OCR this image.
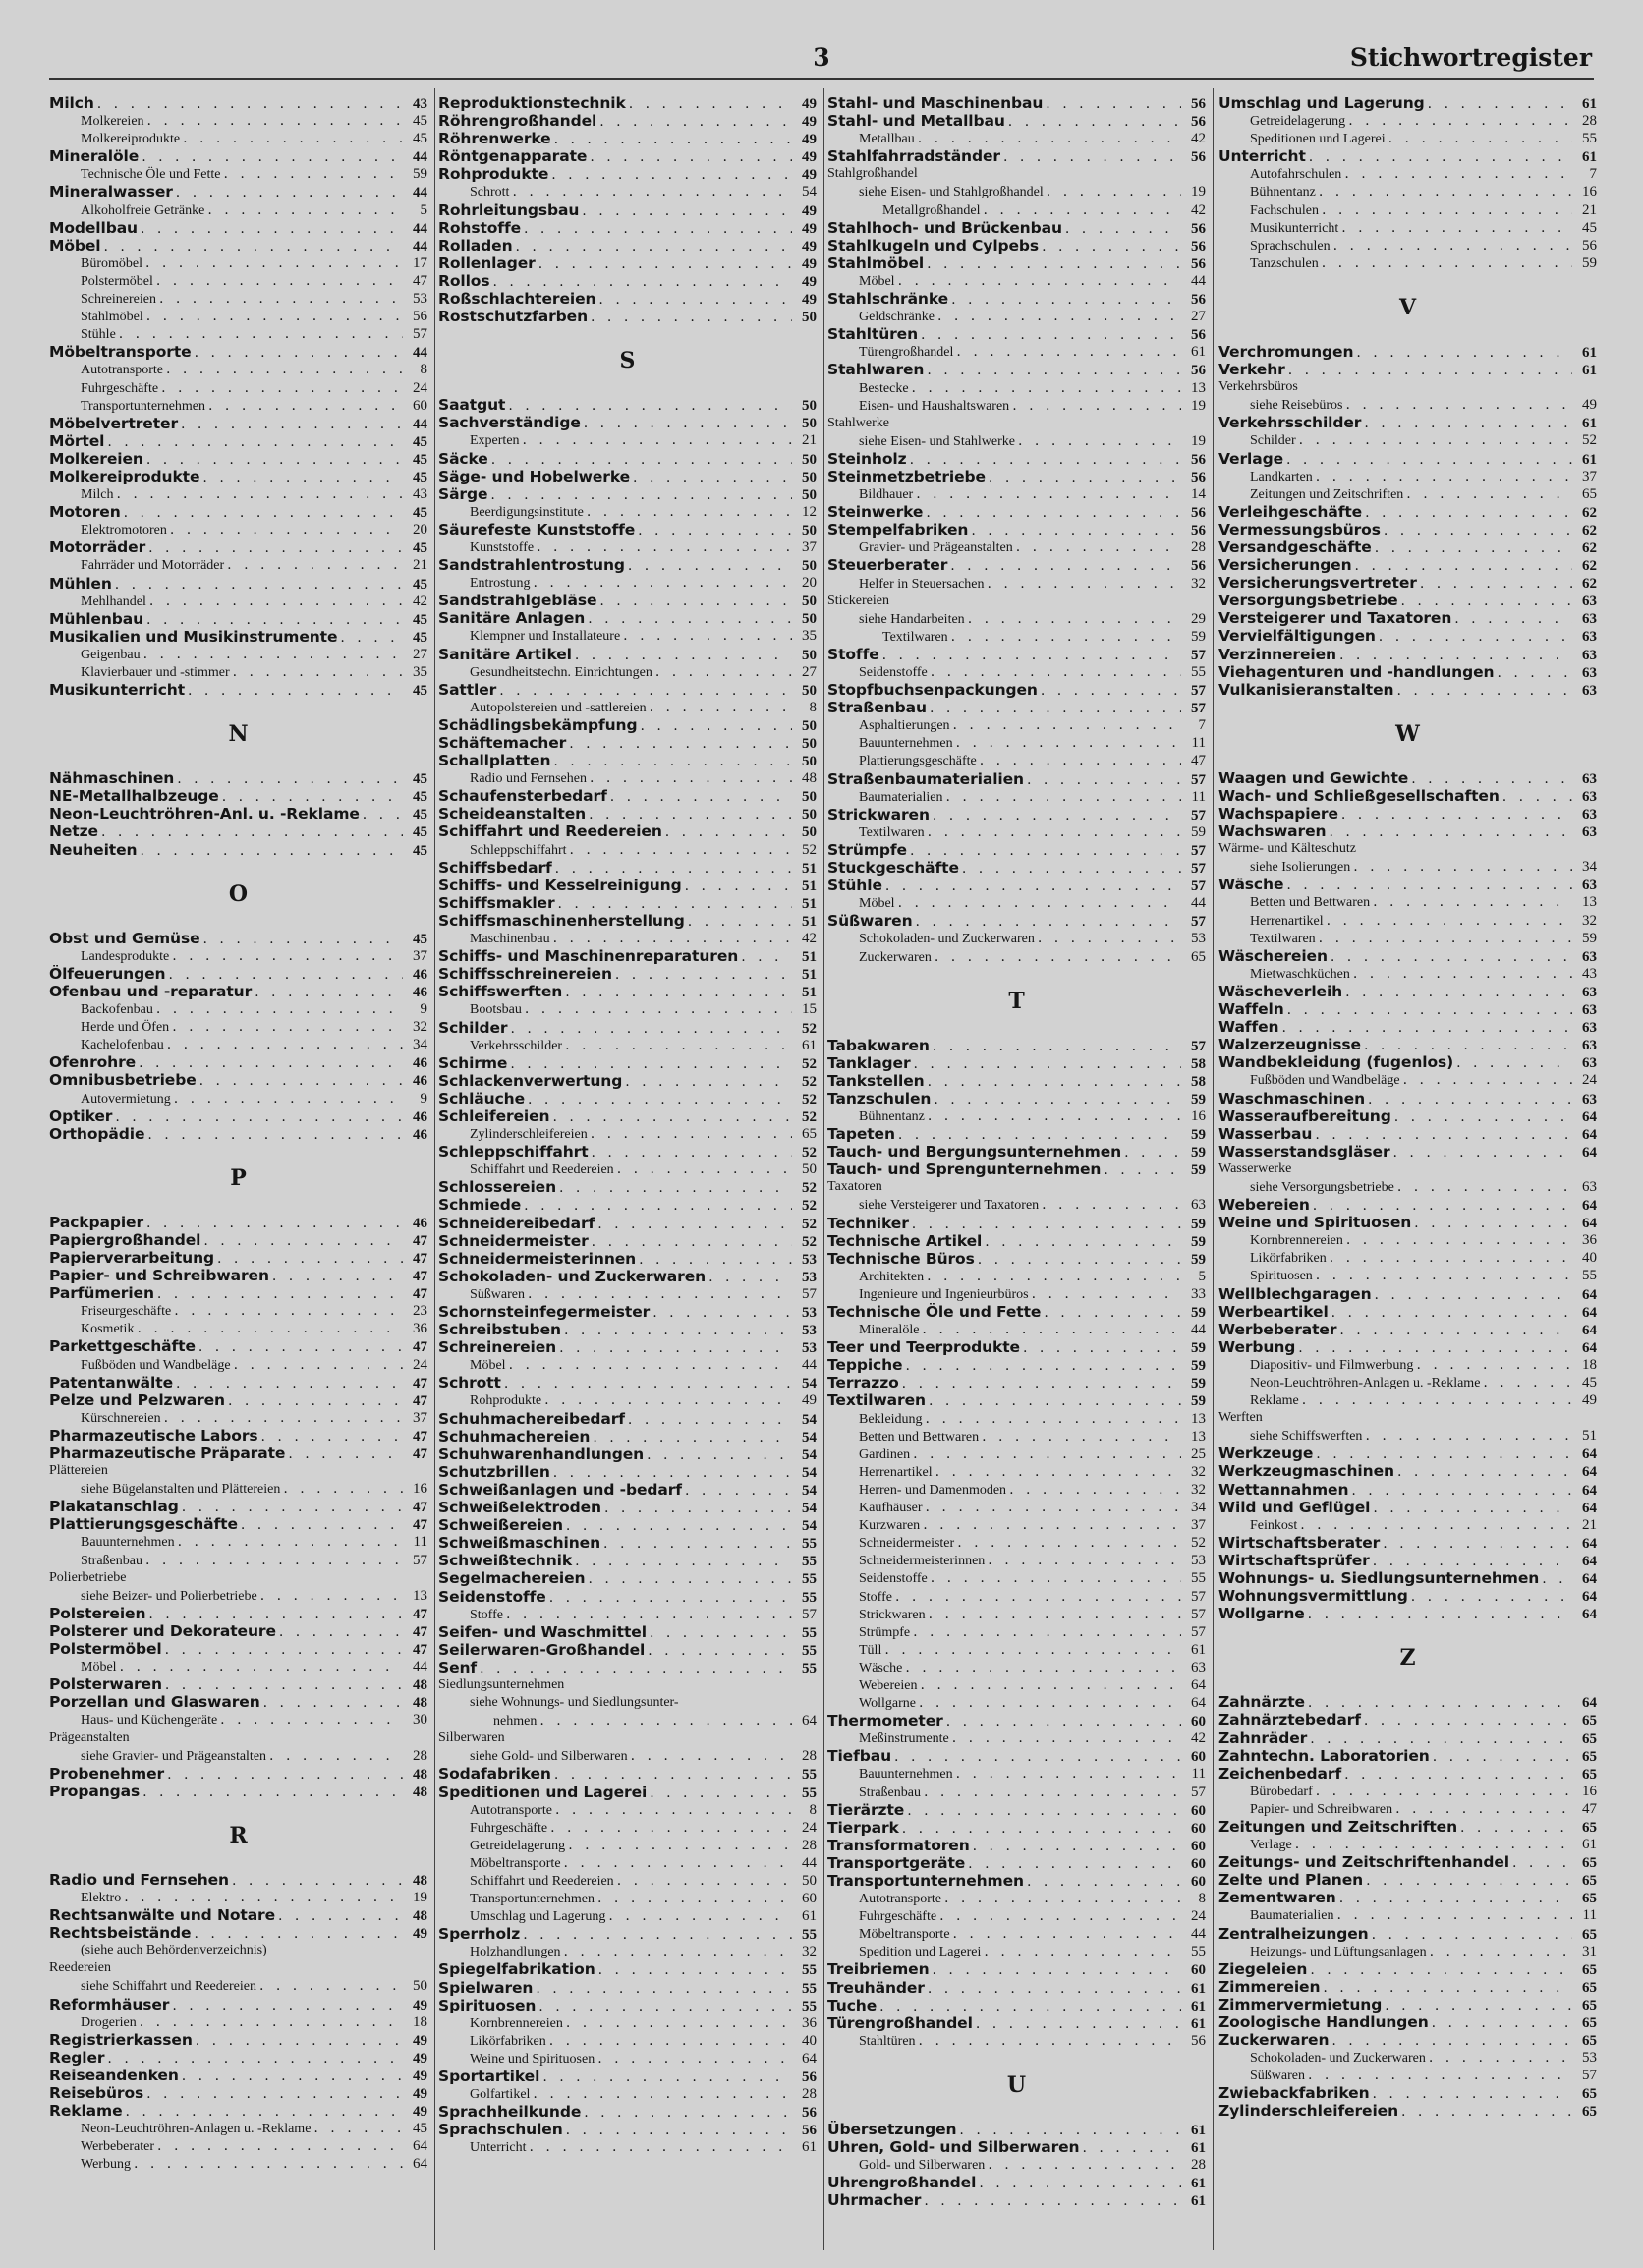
3	Stichwortregister
Milch . . .	43
Molkereien . . .	45
Molkereiprodukte . . .	45
Mineralöle . . .	44
Technische Öle und Fette . . .	59
Mineralwasser . . .	44
Alkoholfreie Getränke . . .	5
Modellbau . . .	44
Möbel . . .	44
Büromöbel . . .	17
Polstermöbel . . .	47
Schreinereien . . .	53
Stahlmöbel . . .	56
Stühle . . .	57
Möbeltransporte . . .	44
Autotransporte . . .	8
Fuhrgeschäfte . . .	24
Transportunternehmen . . .	60
Möbelvertreter . . .	44
Mörtel . . .	45
Molkereien . . .	45
Molkereiprodukte . . .	45
Milch . . .	43
Motoren . . .	45
Elektromotoren . . .	20
Motorräder . . .	45
Fahrräder und Motorräder . . .	21
Mühlen . . .	45
Mehlhandel . . .	42
Mühlenbau . . .	45
Musikalien und Musikinstrumente . . .	45
Geigenbau . . .	27
Klavierbauer und -stimmer . . .	35
Musikunterricht . . .	45
N
Nähmaschinen . . .	45
NE-Metallhalbzeuge . . .	45
Neon-Leuchtröhren-Anl. u. -Reklame . . .	45
Netze . . .	45
Neuheiten . . .	45
O
Obst und Gemüse . . .	45
Landesprodukte . . .	37
Ölfeuerungen . . .	46
Ofenbau und -reparatur . . .	46
Backofenbau . . .	9
Herde und Öfen . . .	32
Kachelofenbau . . .	34
Ofenrohre . . .	46
Omnibusbetriebe . . .	46
Autovermietung . . .	9
Optiker . . .	46
Orthopädie . . .	46
P
Packpapier . . .	46
Papiergroßhandel . . .	47
Papierverarbeitung . . .	47
Papier- und Schreibwaren . . .	47
Parfümerien . . .	47
Friseurgeschäfte . . .	23
Kosmetik . . .	36
Parkettgeschäfte . . .	47
Fußböden und Wandbeläge . . .	24
Patentanwälte . . .	47
Pelze und Pelzwaren . . .	47
Kürschnereien . . .	37
Pharmazeutische Labors . . .	47
Pharmazeutische Präparate . . .	47
Plättereien
siehe Bügelanstalten und Plättereien . . .	16
Plakatanschlag . . .	47
Plattierungsgeschäfte . . .	47
Bauunternehmen . . .	11
Straßenbau . . .	57
Polierbetriebe
siehe Beizer- und Polierbetriebe . . .	13
Polstereien . . .	47
Polsterer und Dekorateure . . .	47
Polstermöbel . . .	47
Möbel . . .	44
Polsterwaren . . .	48
Porzellan und Glaswaren . . .	48
Haus- und Küchengeräte . . .	30
Prägeanstalten
siehe Gravier- und Prägeanstalten . . .	28
Probenehmer . . .	48
Propangas . . .	48
R
Radio und Fernsehen . . .	48
Elektro . . .	19
Rechtsanwälte und Notare . . .	48
Rechtsbeistände . . .	49
(siehe auch Behördenverzeichnis)
Reedereien
siehe Schiffahrt und Reedereien . . .	50
Reformhäuser . . .	49
Drogerien . . .	18
Registrierkassen . . .	49
Regler . . .	49
Reiseandenken . . .	49
Reisebüros . . .	49
Reklame . . .	49
Neon-Leuchtröhren-Anlagen u. -Reklame . . .	45
Werbeberater . . .	64
Werbung . . .	64
Reproduktionstechnik . . .	49
Röhrengroßhandel . . .	49
Röhrenwerke . . .	49
Röntgenapparate . . .	49
Rohprodukte . . .	49
Schrott . . .	54
Rohrleitungsbau . . .	49
Rohstoffe . . .	49
Rolladen . . .	49
Rollenlager . . .	49
Rollos . . .	49
Roßschlachtereien . . .	49
Rostschutzfarben . . .	50
S
Saatgut . . .	50
Sachverständige . . .	50
Experten . . .	21
Säcke . . .	50
Säge- und Hobelwerke . . .	50
Särge . . .	50
Beerdigungsinstitute . . .	12
Säurefeste Kunststoffe . . .	50
Kunststoffe . . .	37
Sandstrahlentrostung . . .	50
Entrostung . . .	20
Sandstrahlgebläse . . .	50
Sanitäre Anlagen . . .	50
Klempner und Installateure . . .	35
Sanitäre Artikel . . .	50
Gesundheitstechn. Einrichtungen . . .	27
Sattler . . .	50
Autopolstereien und -sattlereien . . .	8
Schädlingsbekämpfung . . .	50
Schäftemacher . . .	50
Schallplatten . . .	50
Radio und Fernsehen . . .	48
Schaufensterbedarf . . .	50
Scheideanstalten . . .	50
Schiffahrt und Reedereien . . .	50
Schleppschiffahrt . . .	52
Schiffsbedarf . . .	51
Schiffs- und Kesselreinigung . . .	51
Schiffsmakler . . .	51
Schiffsmaschinenherstellung . . .	51
Maschinenbau . . .	42
Schiffs- und Maschinenreparaturen . . .	51
Schiffsschreinereien . . .	51
Schiffswerften . . .	51
Bootsbau . . .	15
Schilder . . .	52
Verkehrsschilder . . .	61
Schirme . . .	52
Schlackenverwertung . . .	52
Schläuche . . .	52
Schleifereien . . .	52
Zylinderschleifereien . . .	65
Schleppschiffahrt . . .	52
Schiffahrt und Reedereien . . .	50
Schlossereien . . .	52
Schmiede . . .	52
Schneidereibedarf . . .	52
Schneidermeister . . .	52
Schneidermeisterinnen . . .	53
Schokoladen- und Zuckerwaren . . .	53
Süßwaren . . .	57
Schornsteinfegermeister . . .	53
Schreibstuben . . .	53
Schreinereien . . .	53
Möbel . . .	44
Schrott . . .	54
Rohprodukte . . .	49
Schuhmachereibedarf . . .	54
Schuhmachereien . . .	54
Schuhwarenhandlungen . . .	54
Schutzbrillen . . .	54
Schweißanlagen und -bedarf . . .	54
Schweißelektroden . . .	54
Schweißereien . . .	54
Schweißmaschinen . . .	55
Schweißtechnik . . .	55
Segelmachereien . . .	55
Seidenstoffe . . .	55
Stoffe . . .	57
Seifen- und Waschmittel . . .	55
Seilerwaren-Großhandel . . .	55
Senf . . .	55
Siedlungsunternehmen
siehe Wohnungs- und Siedlungsunter-
nehmen . . .	64
Silberwaren
siehe Gold- und Silberwaren . . .	28
Sodafabriken . . .	55
Speditionen und Lagerei . . .	55
Autotransporte . . .	8
Fuhrgeschäfte . . .	24
Getreidelagerung . . .	28
Möbeltransporte . . .	44
Schiffahrt und Reedereien . . .	50
Transportunternehmen . . .	60
Umschlag und Lagerung . . .	61
Sperrholz . . .	55
Holzhandlungen . . .	32
Spiegelfabrikation . . .	55
Spielwaren . . .	55
Spirituosen . . .	55
Kornbrennereien . . .	36
Likörfabriken . . .	40
Weine und Spirituosen . . .	64
Sportartikel . . .	56
Golfartikel . . .	28
Sprachheilkunde . . .	56
Sprachschulen . . .	56
Unterricht . . .	61
Stahl- und Maschinenbau . . .	56
Stahl- und Metallbau . . .	56
Metallbau . . .	42
Stahlfahrradständer . . .	56
Stahlgroßhandel
siehe Eisen- und Stahlgroßhandel . . .	19
Metallgroßhandel . . .	42
Stahlhoch- und Brückenbau . . .	56
Stahlkugeln und Cylpebs . . .	56
Stahlmöbel . . .	56
Möbel . . .	44
Stahlschränke . . .	56
Geldschränke . . .	27
Stahltüren . . .	56
Türengroßhandel . . .	61
Stahlwaren . . .	56
Bestecke . . .	13
Eisen- und Haushaltswaren . . .	19
Stahlwerke
siehe Eisen- und Stahlwerke . . .	19
Steinholz . . .	56
Steinmetzbetriebe . . .	56
Bildhauer . . .	14
Steinwerke . . .	56
Stempelfabriken . . .	56
Gravier- und Prägeanstalten . . .	28
Steuerberater . . .	56
Helfer in Steuersachen . . .	32
Stickereien
siehe Handarbeiten . . .	29
Textilwaren . . .	59
Stoffe . . .	57
Seidenstoffe . . .	55
Stopfbuchsenpackungen . . .	57
Straßenbau . . .	57
Asphaltierungen . . .	7
Bauunternehmen . . .	11
Plattierungsgeschäfte . . .	47
Straßenbaumaterialien . . .	57
Baumaterialien . . .	11
Strickwaren . . .	57
Textilwaren . . .	59
Strümpfe . . .	57
Stuckgeschäfte . . .	57
Stühle . . .	57
Möbel . . .	44
Süßwaren . . .	57
Schokoladen- und Zuckerwaren . . .	53
Zuckerwaren . . .	65
T
Tabakwaren . . .	57
Tanklager . . .	58
Tankstellen . . .	58
Tanzschulen . . .	59
Bühnentanz . . .	16
Tapeten . . .	59
Tauch- und Bergungsunternehmen . . .	59
Tauch- und Sprengunternehmen . . .	59
Taxatoren
siehe Versteigerer und Taxatoren . . .	63
Techniker . . .	59
Technische Artikel . . .	59
Technische Büros . . .	59
Architekten . . .	5
Ingenieure und Ingenieurbüros . . .	33
Technische Öle und Fette . . .	59
Mineralöle . . .	44
Teer und Teerprodukte . . .	59
Teppiche . . .	59
Terrazzo . . .	59
Textilwaren . . .	59
Bekleidung . . .	13
Betten und Bettwaren . . .	13
Gardinen . . .	25
Herrenartikel . . .	32
Herren- und Damenmoden . . .	32
Kaufhäuser . . .	34
Kurzwaren . . .	37
Schneidermeister . . .	52
Schneidermeisterinnen . . .	53
Seidenstoffe . . .	55
Stoffe . . .	57
Strickwaren . . .	57
Strümpfe . . .	57
Tüll . . .	61
Wäsche . . .	63
Webereien . . .	64
Wollgarne . . .	64
Thermometer . . .	60
Meßinstrumente . . .	42
Tiefbau . . .	60
Bauunternehmen . . .	11
Straßenbau . . .	57
Tierärzte . . .	60
Tierpark . . .	60
Transformatoren . . .	60
Transportgeräte . . .	60
Transportunternehmen . . .	60
Autotransporte . . .	8
Fuhrgeschäfte . . .	24
Möbeltransporte . . .	44
Spedition und Lagerei . . .	55
Treibriemen . . .	60
Treuhänder . . .	61
Tuche . . .	61
Türengroßhandel . . .	61
Stahltüren . . .	56
U
Übersetzungen . . .	61
Uhren, Gold- und Silberwaren . . .	61
Gold- und Silberwaren . . .	28
Uhrengroßhandel . . .	61
Uhrmacher . . .	61
Umschlag und Lagerung . . .	61
Getreidelagerung . . .	28
Speditionen und Lagerei . . .	55
Unterricht . . .	61
Autofahrschulen . . .	7
Bühnentanz . . .	16
Fachschulen . . .	21
Musikunterricht . . .	45
Sprachschulen . . .	56
Tanzschulen . . .	59
V
Verchromungen . . .	61
Verkehr . . .	61
Verkehrsbüros
siehe Reisebüros . . .	49
Verkehrsschilder . . .	61
Schilder . . .	52
Verlage . . .	61
Landkarten . . .	37
Zeitungen und Zeitschriften . . .	65
Verleihgeschäfte . . .	62
Vermessungsbüros . . .	62
Versandgeschäfte . . .	62
Versicherungen . . .	62
Versicherungsvertreter . . .	62
Versorgungsbetriebe . . .	63
Versteigerer und Taxatoren . . .	63
Vervielfältigungen . . .	63
Verzinnereien . . .	63
Viehagenturen und -handlungen . . .	63
Vulkanisieranstalten . . .	63
W
Waagen und Gewichte . . .	63
Wach- und Schließgesellschaften . . .	63
Wachspapiere . . .	63
Wachswaren . . .	63
Wärme- und Kälteschutz
siehe Isolierungen . . .	34
Wäsche . . .	63
Betten und Bettwaren . . .	13
Herrenartikel . . .	32
Textilwaren . . .	59
Wäschereien . . .	63
Mietwaschküchen . . .	43
Wäscheverleih . . .	63
Waffeln . . .	63
Waffen . . .	63
Walzerzeugnisse . . .	63
Wandbekleidung (fugenlos) . . .	63
Fußböden und Wandbeläge . . .	24
Waschmaschinen . . .	63
Wasseraufbereitung . . .	64
Wasserbau . . .	64
Wasserstandsgläser . . .	64
Wasserwerke
siehe Versorgungsbetriebe . . .	63
Webereien . . .	64
Weine und Spirituosen . . .	64
Kornbrennereien . . .	36
Likörfabriken . . .	40
Spirituosen . . .	55
Wellblechgaragen . . .	64
Werbeartikel . . .	64
Werbeberater . . .	64
Werbung . . .	64
Diapositiv- und Filmwerbung . . .	18
Neon-Leuchtröhren-Anlagen u. -Reklame . . .	45
Reklame . . .	49
Werften
siehe Schiffswerften . . .	51
Werkzeuge . . .	64
Werkzeugmaschinen . . .	64
Wettannahmen . . .	64
Wild und Geflügel . . .	64
Feinkost . . .	21
Wirtschaftsberater . . .	64
Wirtschaftsprüfer . . .	64
Wohnungs- u. Siedlungsunternehmen . . .	64
Wohnungsvermittlung . . .	64
Wollgarne . . .	64
Z
Zahnärzte . . .	64
Zahnärztebedarf . . .	65
Zahnräder . . .	65
Zahntechn. Laboratorien . . .	65
Zeichenbedarf . . .	65
Bürobedarf . . .	16
Papier- und Schreibwaren . . .	47
Zeitungen und Zeitschriften . . .	65
Verlage . . .	61
Zeitungs- und Zeitschriftenhandel . . .	65
Zelte und Planen . . .	65
Zementwaren . . .	65
Baumaterialien . . .	11
Zentralheizungen . . .	65
Heizungs- und Lüftungsanlagen . . .	31
Ziegeleien . . .	65
Zimmereien . . .	65
Zimmervermietung . . .	65
Zoologische Handlungen . . .	65
Zuckerwaren . . .	65
Schokoladen- und Zuckerwaren . . .	53
Süßwaren . . .	57
Zwiebackfabriken . . .	65
Zylinderschleifereien . . .	65
